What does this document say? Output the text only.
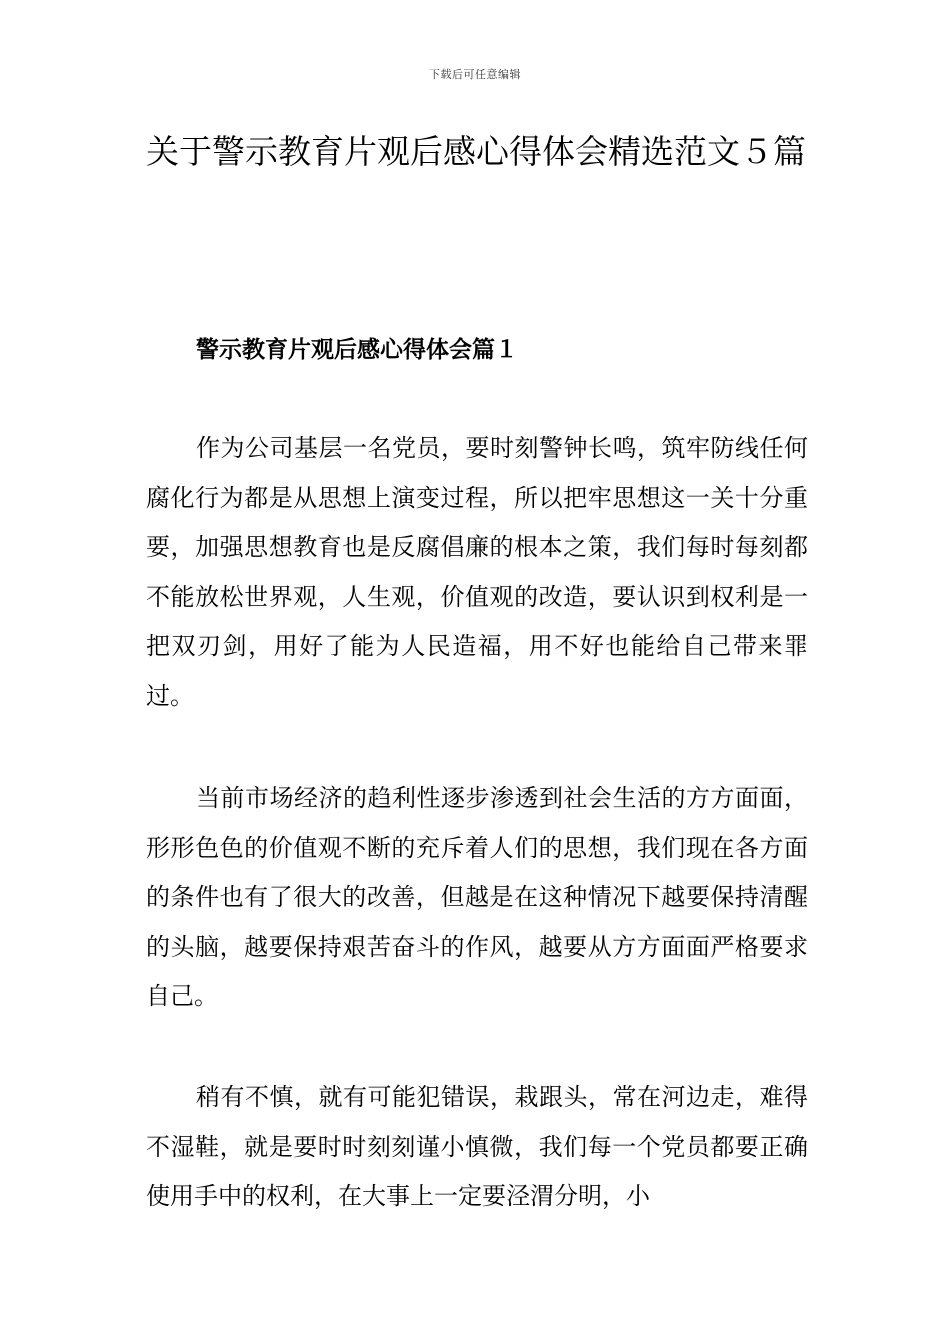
下载后可任意编辑
关于警示教育片观后感心得体会精选范文５篇
警示教育片观后感心得体会篇１

作为公司基层一名党员，要时刻警钟长鸣，筑牢防线任何腐化行为都是从思想上演变过程，所以把牢思想这一关十分重要，加强思想教育也是反腐倡廉的根本之策，我们每时每刻都不能放松世界观，人生观，价值观的改造，要认识到权利是一把双刃剑，用好了能为人民造福，用不好也能给自己带来罪过。

当前市场经济的趋利性逐步渗透到社会生活的方方面面，形形色色的价值观不断的充斥着人们的思想，我们现在各方面的条件也有了很大的改善，但越是在这种情况下越要保持清醒的头脑，越要保持艰苦奋斗的作风，越要从方方面面严格要求自己。

稍有不慎，就有可能犯错误，栽跟头，常在河边走，难得不湿鞋，就是要时时刻刻谨小慎微，我们每一个党员都要正确使用手中的权利，在大事上一定要泾渭分明，小
